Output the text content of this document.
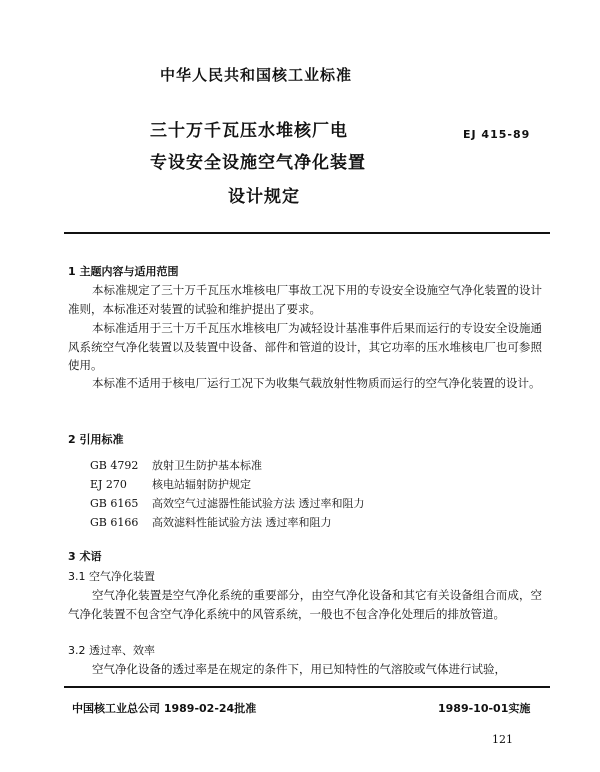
中华人民共和国核工业标准
三十万千瓦压水堆核厂电
专设安全设施空气净化装置
设计规定
EJ 415-89
1 主题内容与适用范围
本标准规定了三十万千瓦压水堆核电厂事故工况下用的专设安全设施空气净化装置的设计准则，本标准还对装置的试验和维护提出了要求。
本标准适用于三十万千瓦压水堆核电厂为减轻设计基准事件后果而运行的专设安全设施通风系统空气净化装置以及装置中设备、部件和管道的设计，其它功率的压水堆核电厂也可参照使用。
本标准不适用于核电厂运行工况下为收集气载放射性物质而运行的空气净化装置的设计。
2 引用标准
GB 4792 放射卫生防护基本标准
EJ 270 核电站辐射防护规定
GB 6165 高效空气过滤器性能试验方法 透过率和阻力
GB 6166 高效滤料性能试验方法 透过率和阻力
3 术语
3.1 空气净化装置
空气净化装置是空气净化系统的重要部分，由空气净化设备和其它有关设备组合而成，空气净化装置不包含空气净化系统中的风管系统，一般也不包含净化处理后的排放管道。
3.2 透过率、效率
空气净化设备的透过率是在规定的条件下，用已知特性的气溶胶或气体进行试验，
中国核工业总公司 1989-02-24批准	1989-10-01实施
121
